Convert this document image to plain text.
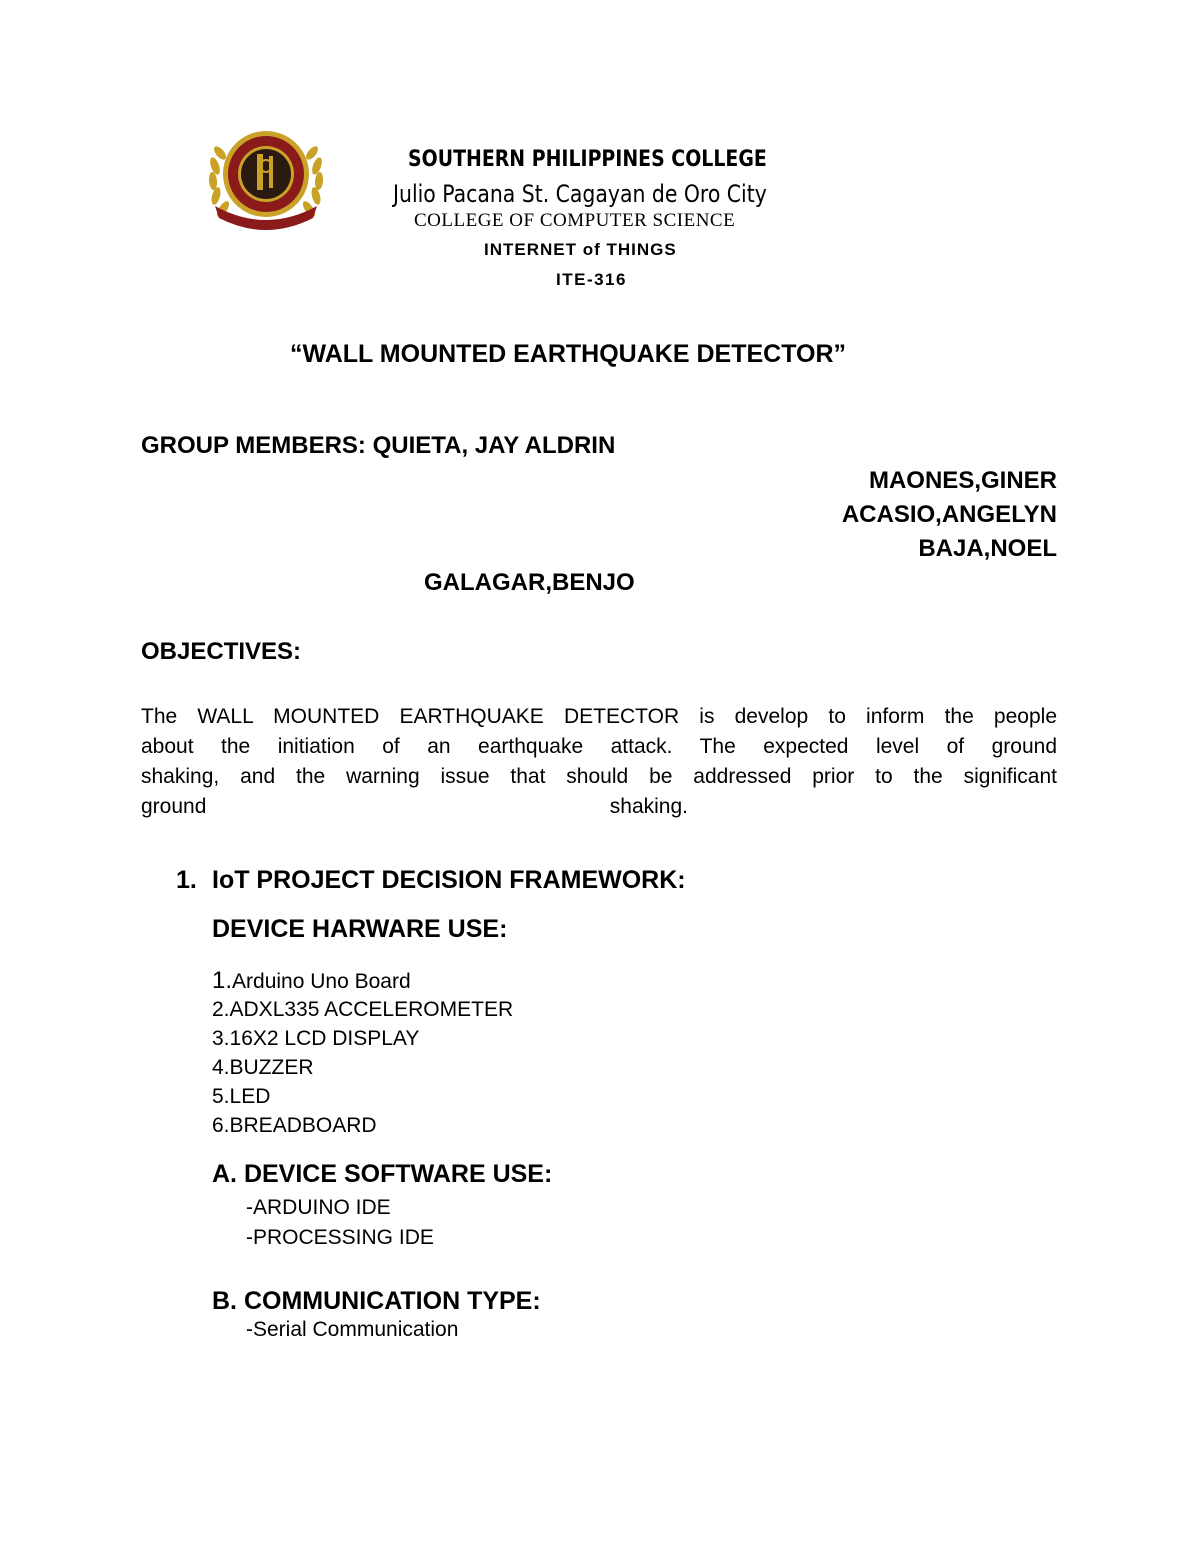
SOUTHERN PHILIPPINES COLLEGE
Julio Pacana St. Cagayan de Oro City
COLLEGE OF COMPUTER SCIENCE
INTERNET of THINGS
ITE-316
“WALL MOUNTED EARTHQUAKE DETECTOR”
GROUP MEMBERS: QUIETA, JAY ALDRIN
MAONES,GINER
ACASIO,ANGELYN
BAJA,NOEL
GALAGAR,BENJO
OBJECTIVES:
The WALL MOUNTED EARTHQUAKE DETECTOR is develop to inform the people
about the initiation of an earthquake attack. The expected level of ground
shaking, and the warning issue that should be addressed prior to the significant
ground	shaking.
1. IoT PROJECT DECISION FRAMEWORK:
DEVICE HARWARE USE:
1.Arduino Uno Board
2.ADXL335 ACCELEROMETER
3.16X2 LCD DISPLAY
4.BUZZER
5.LED
6.BREADBOARD
A. DEVICE SOFTWARE USE:
-ARDUINO IDE
-PROCESSING IDE
B. COMMUNICATION TYPE:
-Serial Communication
